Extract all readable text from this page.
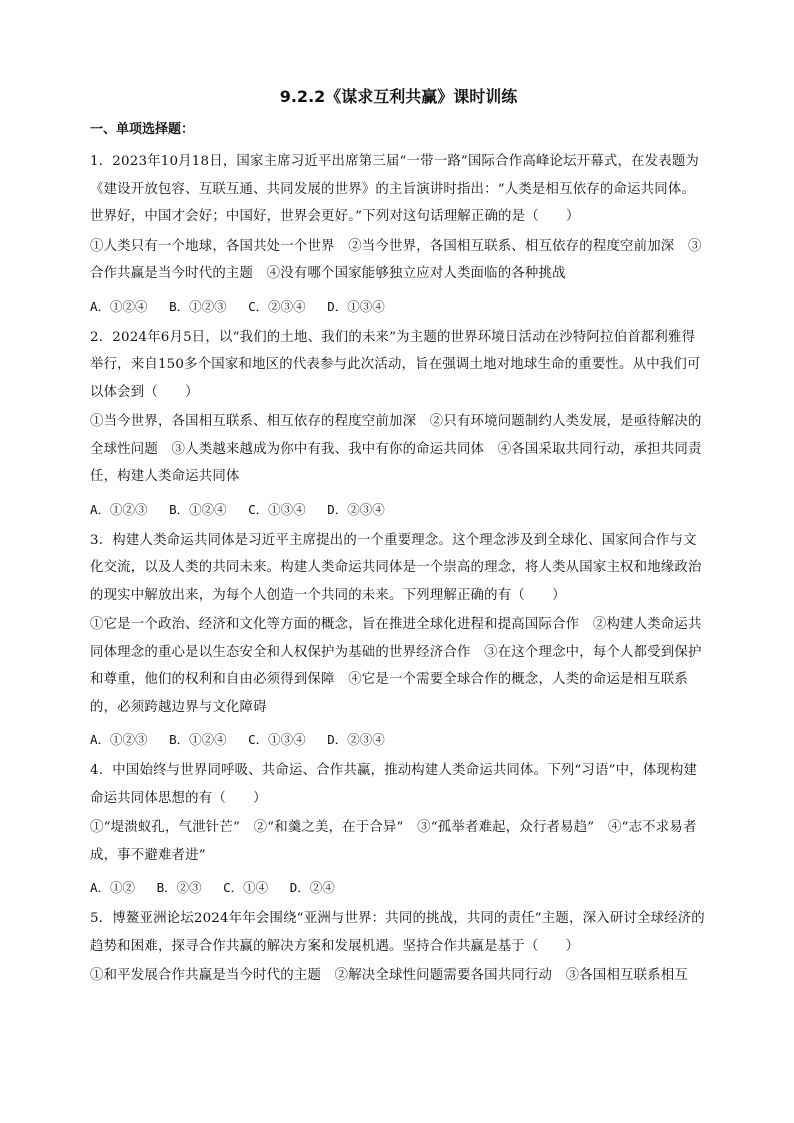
9.2.2《谋求互利共赢》课时训练
一、单项选择题：

1．2023年10月18日，国家主席习近平出席第三届“一带一路”国际合作高峰论坛开幕式，在发表题为《建设开放包容、互联互通、共同发展的世界》的主旨演讲时指出：“人类是相互依存的命运共同体。世界好，中国才会好；中国好，世界会更好。”下列对这句话理解正确的是（　　）

①人类只有一个地球，各国共处一个世界　②当今世界，各国相互联系、相互依存的程度空前加深　③合作共赢是当今时代的主题　④没有哪个国家能够独立应对人类面临的各种挑战

A．①②④ B．①②③ C．②③④ D．①③④

2．2024年6月5日，以“我们的土地、我们的未来”为主题的世界环境日活动在沙特阿拉伯首都利雅得举行，来自150多个国家和地区的代表参与此次活动，旨在强调土地对地球生命的重要性。从中我们可以体会到（　　）

①当今世界，各国相互联系、相互依存的程度空前加深　②只有环境问题制约人类发展，是亟待解决的全球性问题　③人类越来越成为你中有我、我中有你的命运共同体　④各国采取共同行动，承担共同责任，构建人类命运共同体

A．①②③ B．①②④ C．①③④ D．②③④

3．构建人类命运共同体是习近平主席提出的一个重要理念。这个理念涉及到全球化、国家间合作与文化交流，以及人类的共同未来。构建人类命运共同体是一个崇高的理念，将人类从国家主权和地缘政治的现实中解放出来，为每个人创造一个共同的未来。下列理解正确的有（　　）

①它是一个政治、经济和文化等方面的概念，旨在推进全球化进程和提高国际合作　②构建人类命运共同体理念的重心是以生态安全和人权保护为基础的世界经济合作　③在这个理念中，每个人都受到保护和尊重，他们的权利和自由必须得到保障　④它是一个需要全球合作的概念，人类的命运是相互联系的，必须跨越边界与文化障碍

A．①②③ B．①②④ C．①③④ D．②③④

4．中国始终与世界同呼吸、共命运、合作共赢，推动构建人类命运共同体。下列“习语”中，体现构建命运共同体思想的有（　　）

①“堤溃蚁孔，气泄针芒”　②“和羹之美，在于合异”　③“孤举者难起，众行者易趋”　④“志不求易者成，事不避难者进”

A．①② B．②③ C．①④ D．②④

5．博鳌亚洲论坛2024年年会围绕“亚洲与世界：共同的挑战，共同的责任”主题，深入研讨全球经济的趋势和困难，探寻合作共赢的解决方案和发展机遇。坚持合作共赢是基于（　　）

①和平发展合作共赢是当今时代的主题　②解决全球性问题需要各国共同行动　③各国相互联系相互
